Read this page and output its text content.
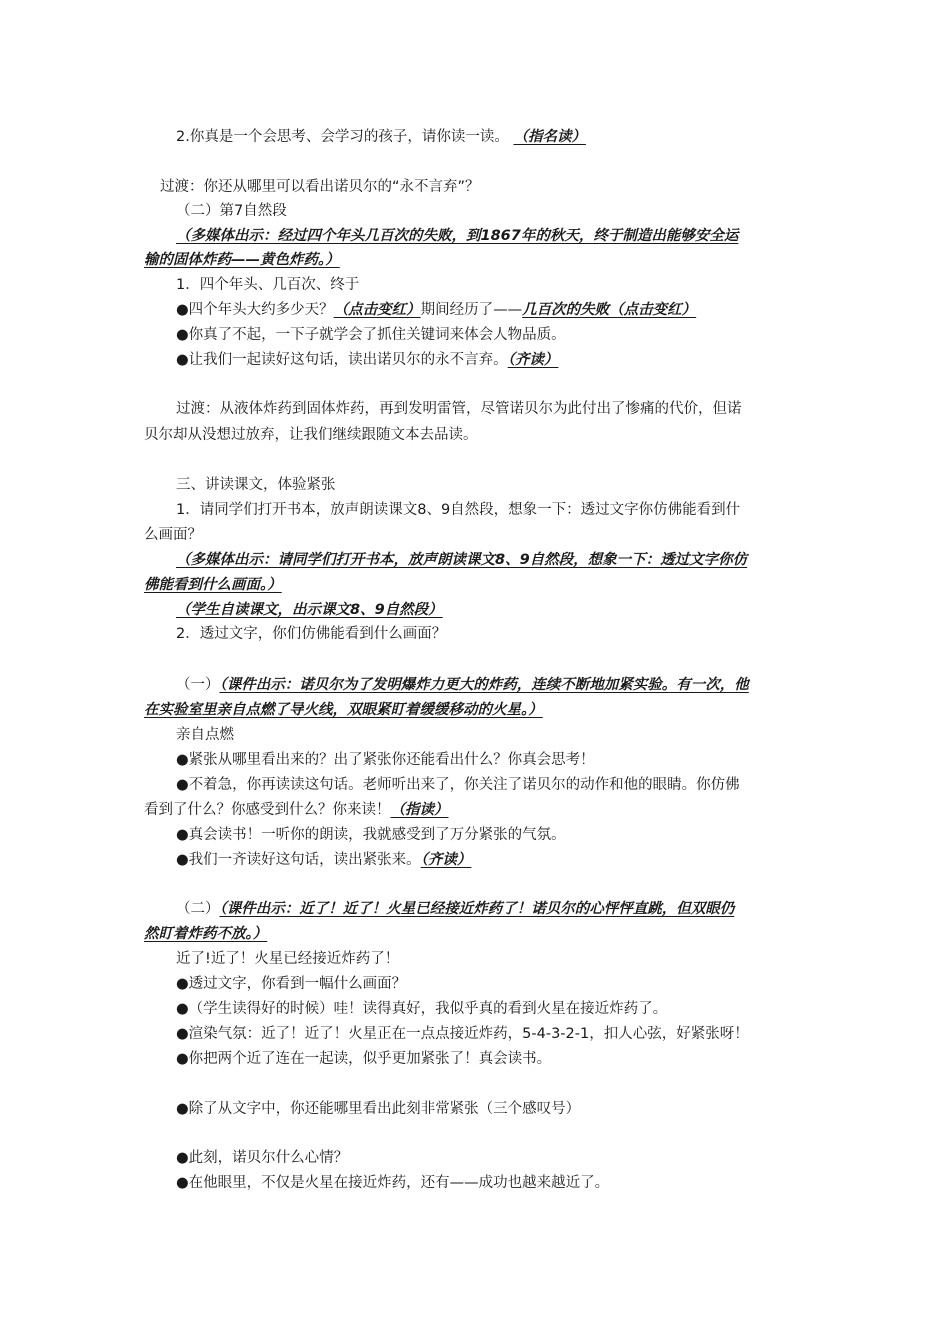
2.你真是一个会思考、会学习的孩子，请你读一读。 （指名读）
过渡：你还从哪里可以看出诺贝尔的“永不言弃”？
（二）第7自然段
（多媒体出示：经过四个年头几百次的失败，到1867年的秋天，终于制造出能够安全运
输的固体炸药——黄色炸药。）
1．四个年头、几百次、终于
●四个年头大约多少天？（点击变红）期间经历了——几百次的失败（点击变红）
●你真了不起，一下子就学会了抓住关键词来体会人物品质。
●让我们一起读好这句话，读出诺贝尔的永不言弃。（齐读）
过渡：从液体炸药到固体炸药，再到发明雷管，尽管诺贝尔为此付出了惨痛的代价，但诺
贝尔却从没想过放弃，让我们继续跟随文本去品读。
三、讲读课文，体验紧张
1．请同学们打开书本，放声朗读课文8、9自然段，想象一下：透过文字你仿佛能看到什
么画面？
（多媒体出示：请同学们打开书本，放声朗读课文8、9自然段，想象一下：透过文字你仿
佛能看到什么画面。）
（学生自读课文，出示课文8、9自然段）
2．透过文字，你们仿佛能看到什么画面？
（一）（课件出示：诺贝尔为了发明爆炸力更大的炸药，连续不断地加紧实验。有一次，他
在实验室里亲自点燃了导火线，双眼紧盯着缓缓移动的火星。）
亲自点燃
●紧张从哪里看出来的？出了紧张你还能看出什么？你真会思考！
●不着急，你再读读这句话。老师听出来了，你关注了诺贝尔的动作和他的眼睛。你仿佛
看到了什么？你感受到什么？你来读！（指读）
●真会读书！一听你的朗读，我就感受到了万分紧张的气氛。
●我们一齐读好这句话，读出紧张来。（齐读）
（二）（课件出示：近了！近了！火星已经接近炸药了！诺贝尔的心怦怦直跳，但双眼仍
然盯着炸药不放。）
近了!近了！火星已经接近炸药了！
●透过文字，你看到一幅什么画面？
●（学生读得好的时候）哇！读得真好，我似乎真的看到火星在接近炸药了。
●渲染气氛：近了！近了！火星正在一点点接近炸药，5-4-3-2-1，扣人心弦，好紧张呀！
●你把两个近了连在一起读，似乎更加紧张了！真会读书。
●除了从文字中，你还能哪里看出此刻非常紧张（三个感叹号）
●此刻，诺贝尔什么心情？
●在他眼里，不仅是火星在接近炸药，还有——成功也越来越近了。
